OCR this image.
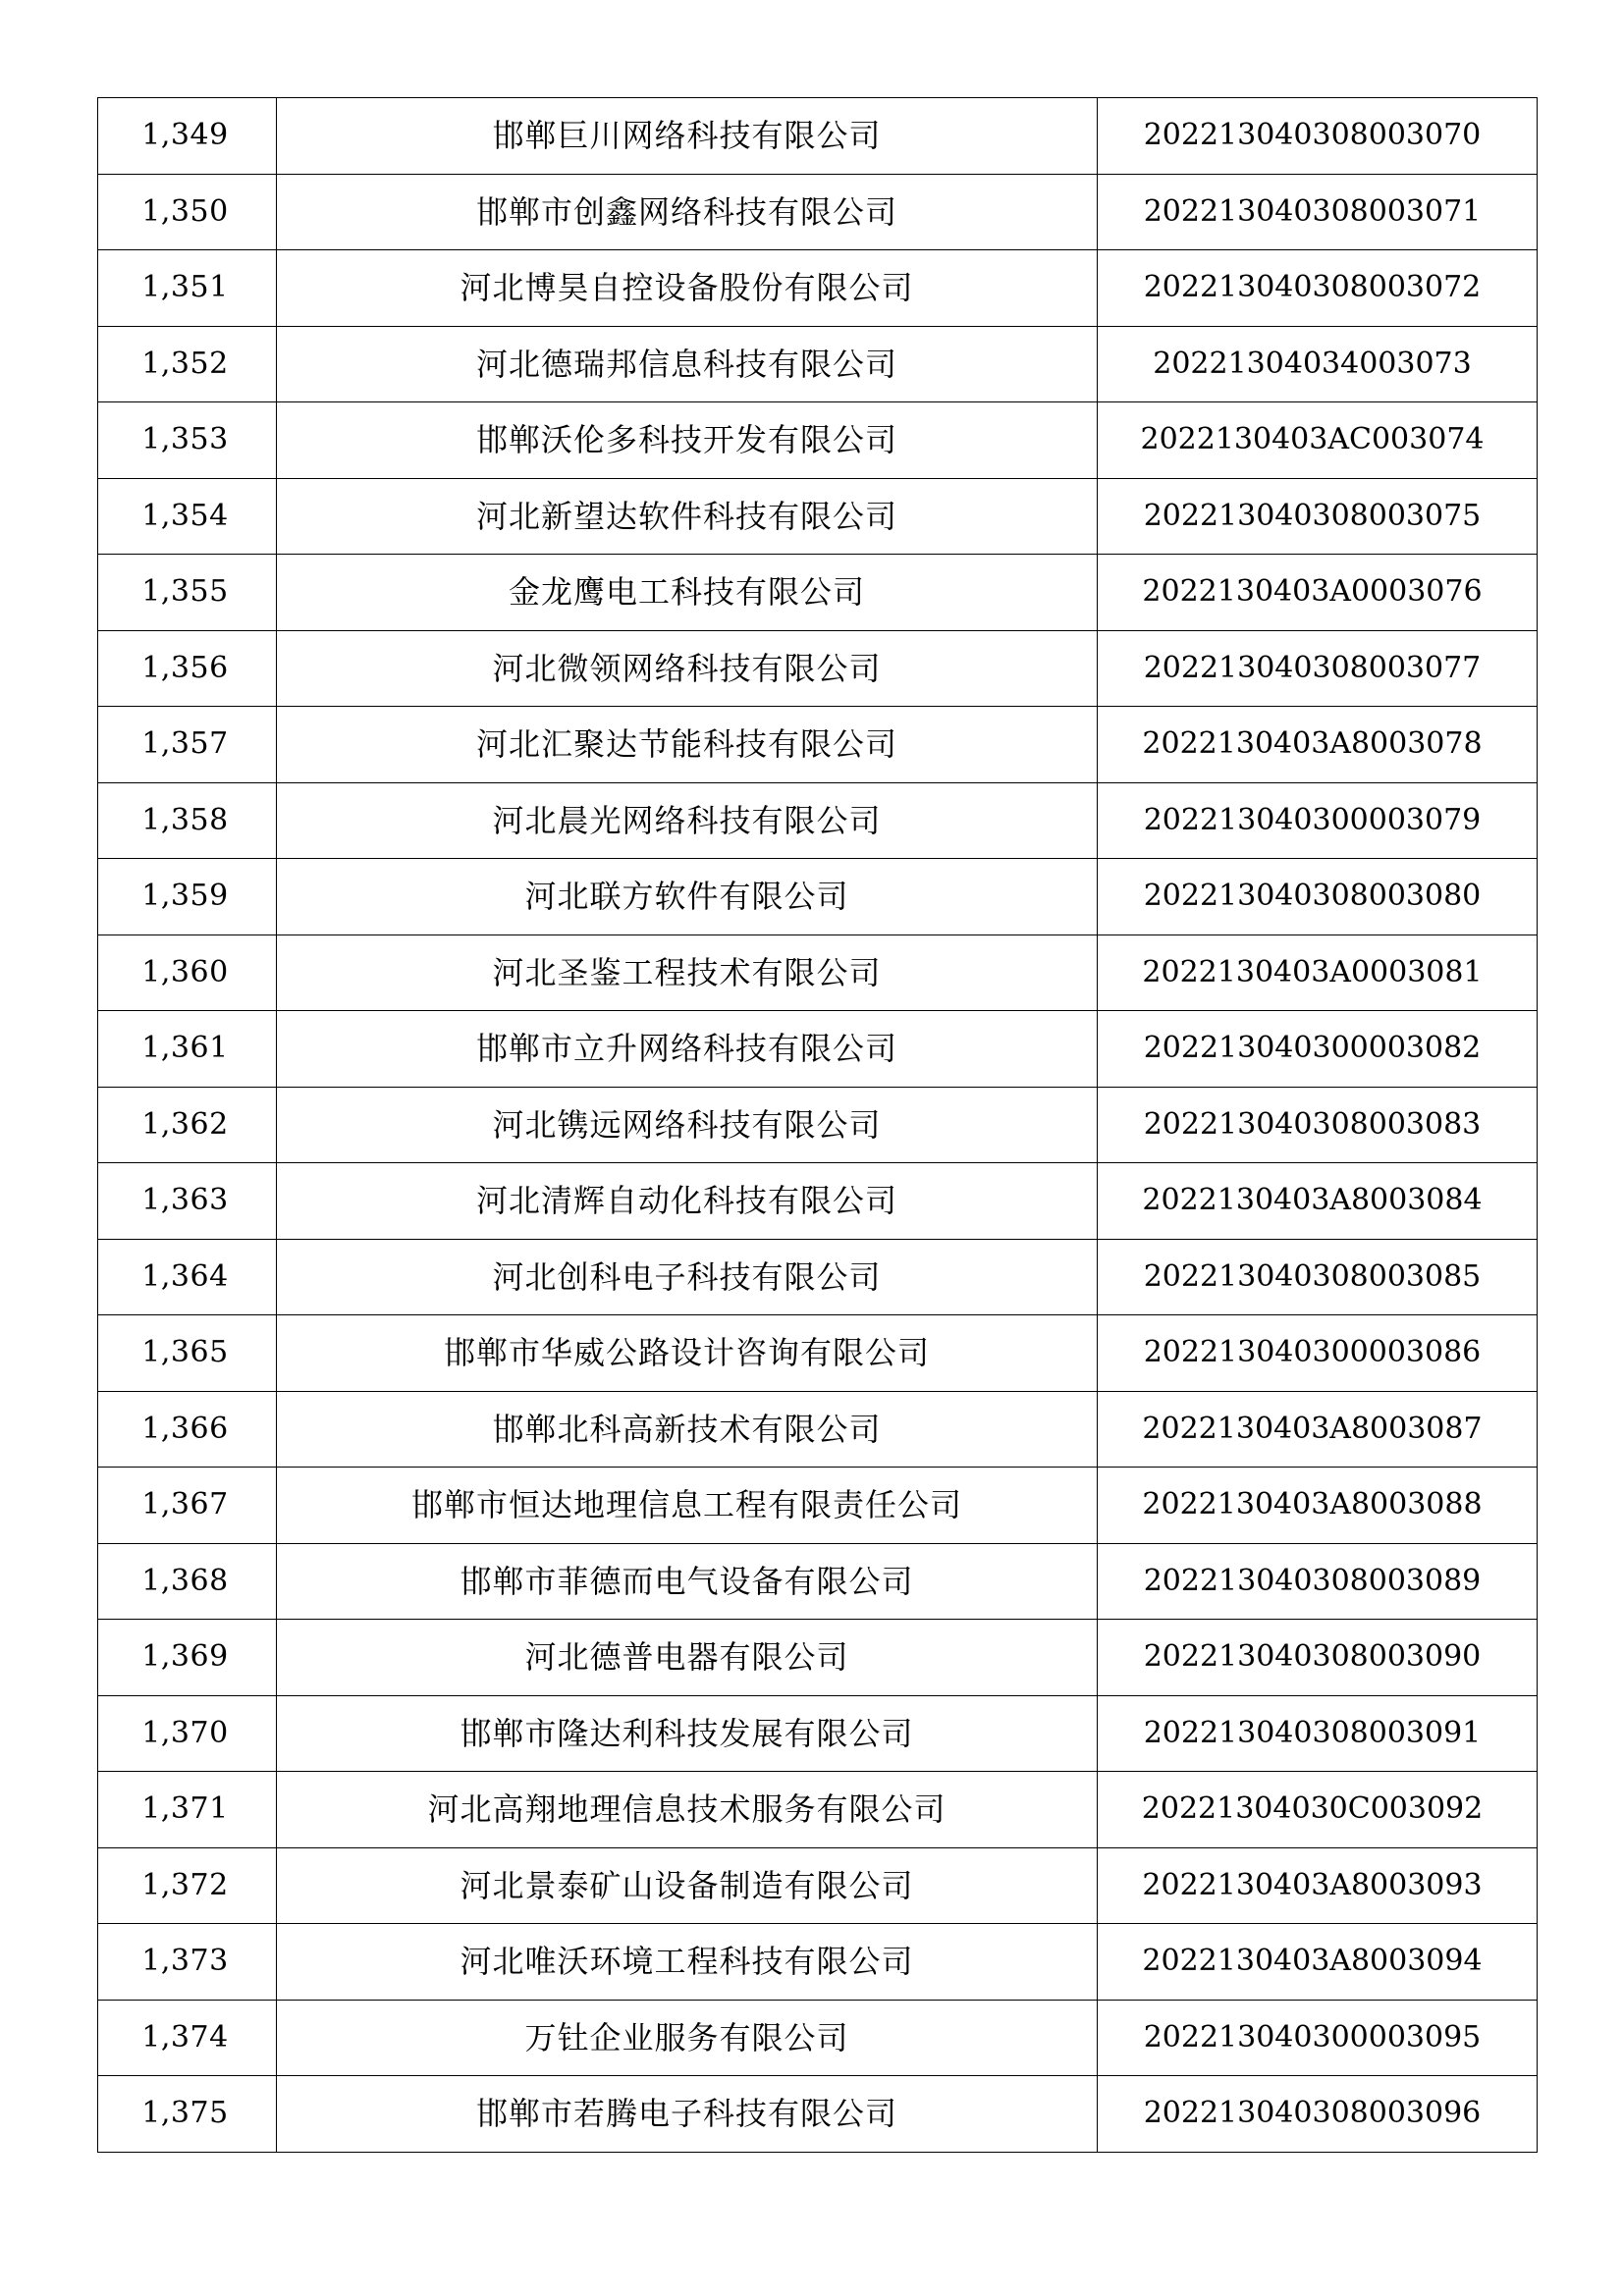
1,349	邯郸巨川网络科技有限公司	202213040308003070
1,350	邯郸市创鑫网络科技有限公司	202213040308003071
1,351	河北博昊自控设备股份有限公司	202213040308003072
1,352	河北德瑞邦信息科技有限公司	20221304034003073
1,353	邯郸沃伦多科技开发有限公司	2022130403AC003074
1,354	河北新望达软件科技有限公司	202213040308003075
1,355	金龙鹰电工科技有限公司	2022130403A0003076
1,356	河北微领网络科技有限公司	202213040308003077
1,357	河北汇聚达节能科技有限公司	2022130403A8003078
1,358	河北晨光网络科技有限公司	202213040300003079
1,359	河北联方软件有限公司	202213040308003080
1,360	河北圣鉴工程技术有限公司	2022130403A0003081
1,361	邯郸市立升网络科技有限公司	202213040300003082
1,362	河北镌远网络科技有限公司	202213040308003083
1,363	河北清辉自动化科技有限公司	2022130403A8003084
1,364	河北创科电子科技有限公司	202213040308003085
1,365	邯郸市华威公路设计咨询有限公司	202213040300003086
1,366	邯郸北科高新技术有限公司	2022130403A8003087
1,367	邯郸市恒达地理信息工程有限责任公司	2022130403A8003088
1,368	邯郸市菲德而电气设备有限公司	202213040308003089
1,369	河北德普电器有限公司	202213040308003090
1,370	邯郸市隆达利科技发展有限公司	202213040308003091
1,371	河北高翔地理信息技术服务有限公司	20221304030C003092
1,372	河北景泰矿山设备制造有限公司	2022130403A8003093
1,373	河北唯沃环境工程科技有限公司	2022130403A8003094
1,374	万钍企业服务有限公司	202213040300003095
1,375	邯郸市若腾电子科技有限公司	202213040308003096
